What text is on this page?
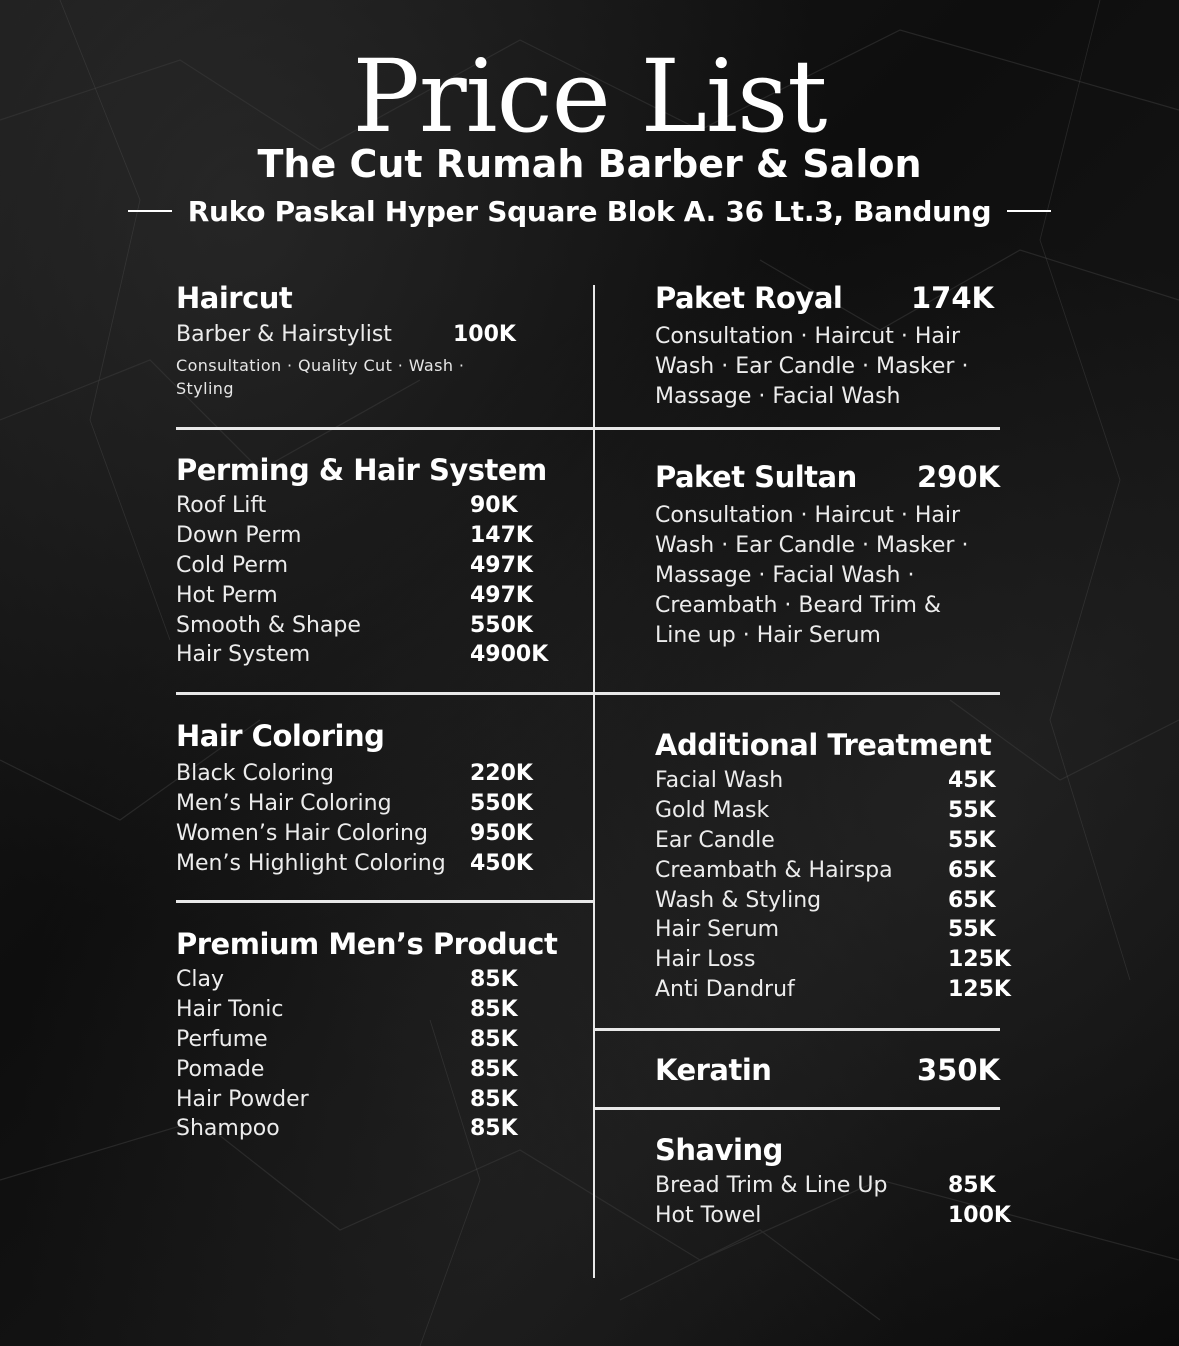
Price List
The Cut Rumah Barber & Salon
Ruko Paskal Hyper Square Blok A. 36 Lt.3, Bandung
Haircut
Barber & Hairstylist	100K
Consultation · Quality Cut · Wash · Styling
Perming & Hair System
Roof Lift	90K
Down Perm	147K
Cold Perm	497K
Hot Perm	497K
Smooth & Shape	550K
Hair System	4900K
Hair Coloring
Black Coloring	220K
Men’s Hair Coloring	550K
Women’s Hair Coloring 950K
Men’s Highlight Coloring 450K
Premium Men’s Product
Clay	85K
Hair Tonic	85K
Perfume	85K
Pomade	85K
Hair Powder	85K
Shampoo	85K
Paket Royal 174K
Consultation · Haircut · Hair Wash · Ear Candle · Masker · Massage · Facial Wash
Paket Sultan 290K
Consultation · Haircut · Hair Wash · Ear Candle · Masker · Massage · Facial Wash · Creambath · Beard Trim & Line up · Hair Serum
Additional Treatment
Facial Wash	45K
Gold Mask	55K
Ear Candle	55K
Creambath & Hairspa	65K
Wash & Styling	65K
Hair Serum	55K
Hair Loss	125K
Anti Dandruf	125K
Keratin	350K
Shaving
Bread Trim & Line Up	85K
Hot Towel	100K
